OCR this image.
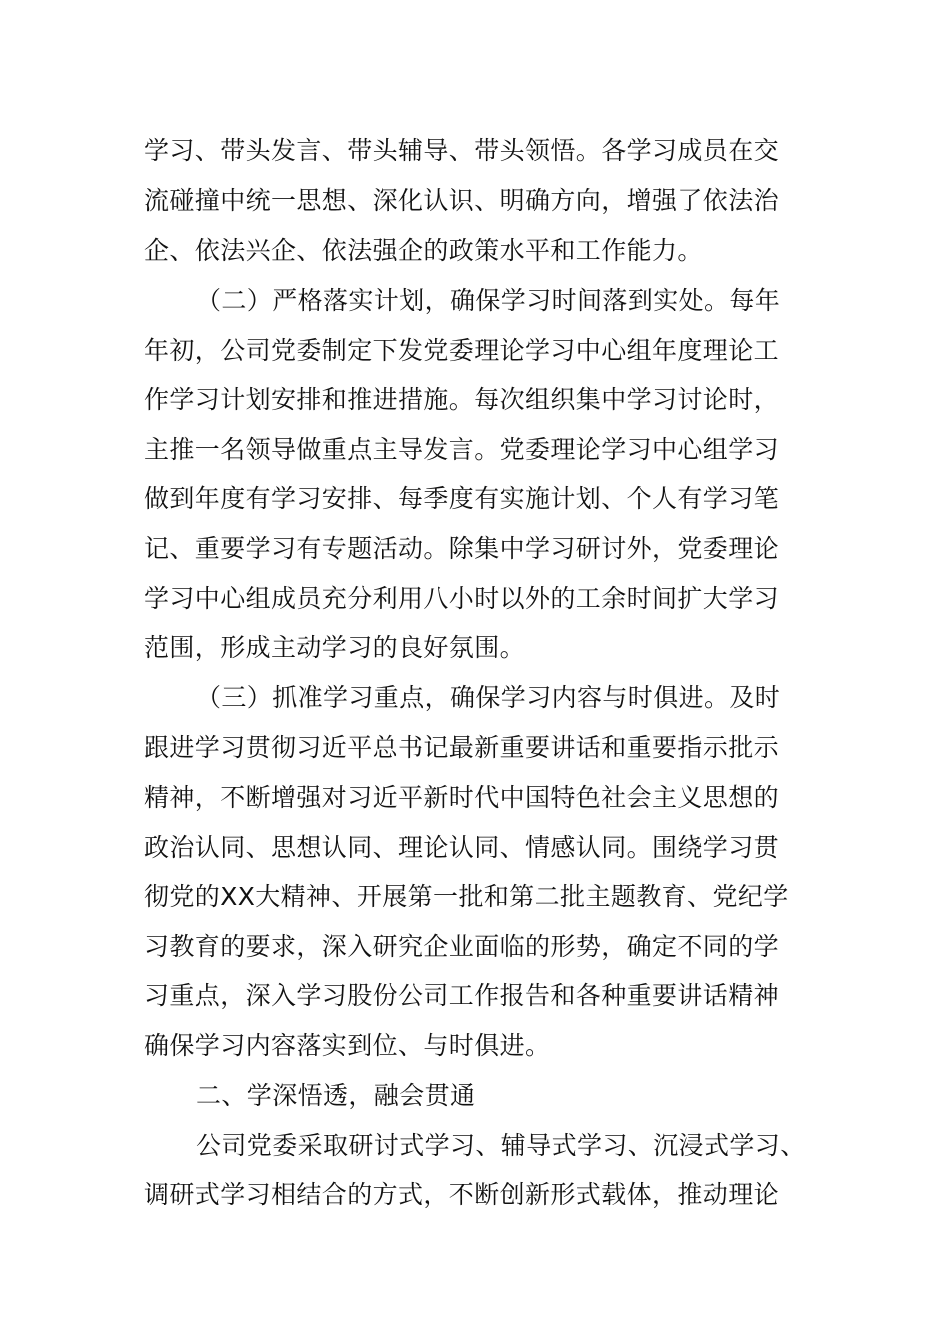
学习、带头发言、带头辅导、带头领悟。各学习成员在交
流碰撞中统一思想、深化认识、明确方向，增强了依法治
企、依法兴企、依法强企的政策水平和工作能力。
（二）严格落实计划，确保学习时间落到实处。每年
年初，公司党委制定下发党委理论学习中心组年度理论工
作学习计划安排和推进措施。每次组织集中学习讨论时，
主推一名领导做重点主导发言。党委理论学习中心组学习
做到年度有学习安排、每季度有实施计划、个人有学习笔
记、重要学习有专题活动。除集中学习研讨外，党委理论
学习中心组成员充分利用八小时以外的工余时间扩大学习
范围，形成主动学习的良好氛围。
（三）抓准学习重点，确保学习内容与时俱进。及时
跟进学习贯彻习近平总书记最新重要讲话和重要指示批示
精神，不断增强对习近平新时代中国特色社会主义思想的
政治认同、思想认同、理论认同、情感认同。围绕学习贯
彻党的XX大精神、开展第一批和第二批主题教育、党纪学
习教育的要求，深入研究企业面临的形势，确定不同的学
习重点，深入学习股份公司工作报告和各种重要讲话精神
确保学习内容落实到位、与时俱进。
二、学深悟透，融会贯通
公司党委采取研讨式学习、辅导式学习、沉浸式学习、
调研式学习相结合的方式，不断创新形式载体，推动理论
